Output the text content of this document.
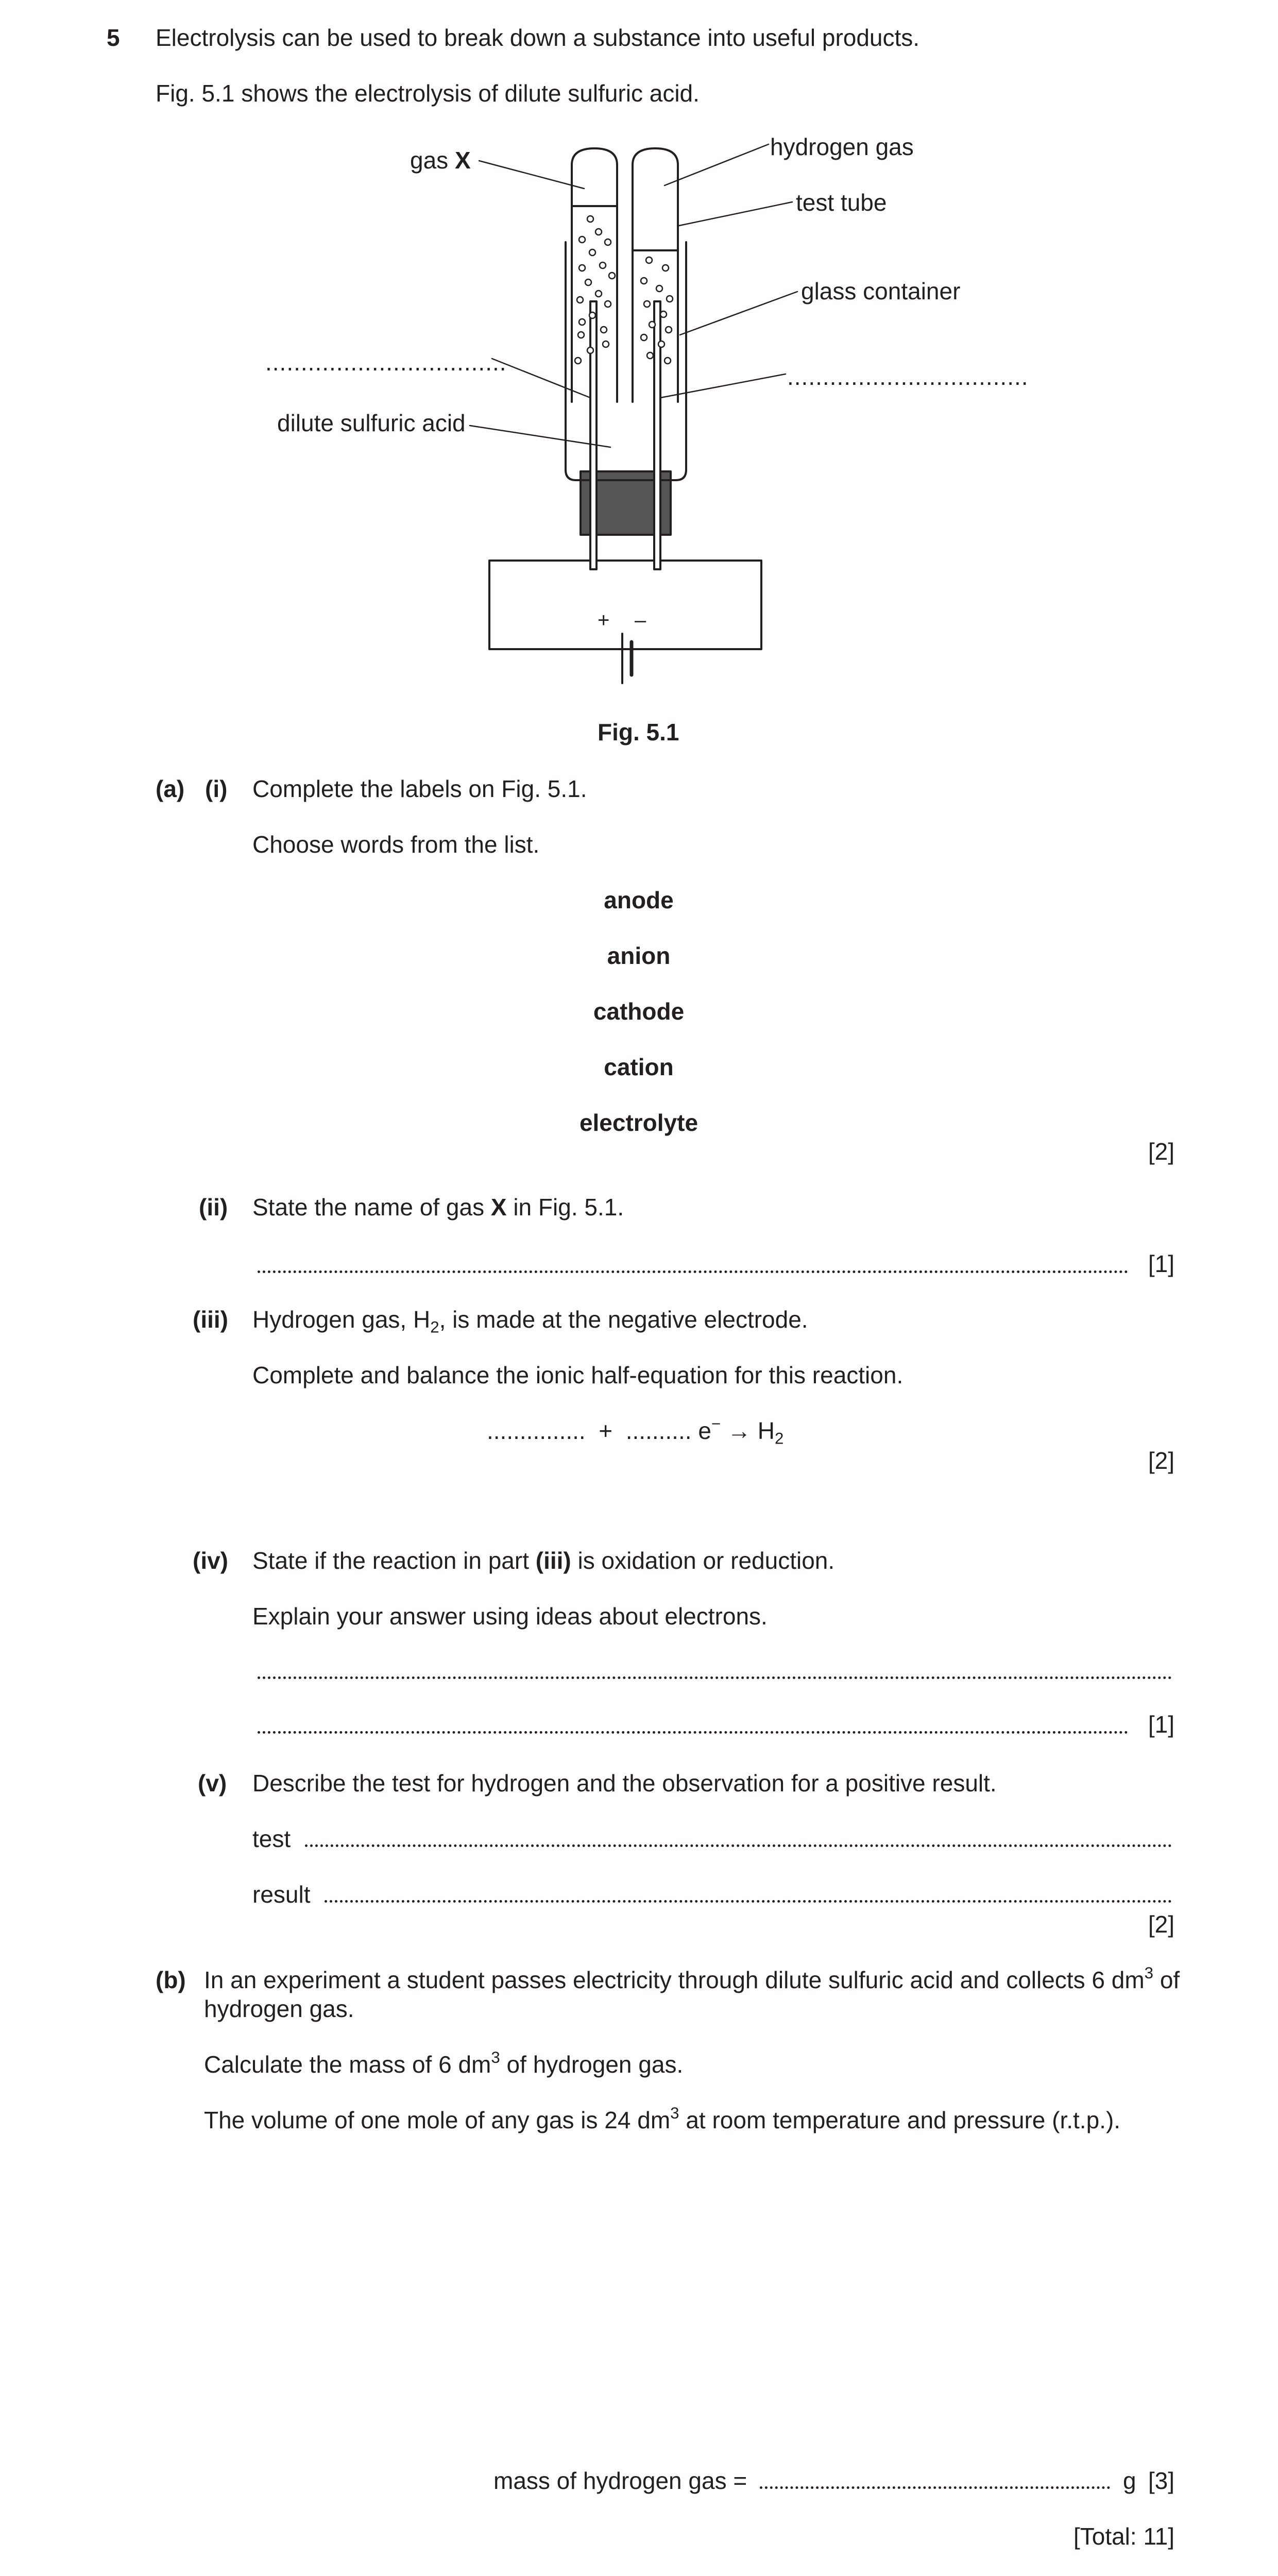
5 Electrolysis can be used to break down a substance into useful products.
Fig. 5.1 shows the electrolysis of dilute sulfuric acid.
gas X	hydrogen gas
test tube
glass container
..................................
..................................
dilute sulfuric acid
+ –
Fig. 5.1
(a) (i) Complete the labels on Fig. 5.1.
Choose words from the list.
anode
anion
cathode
cation
electrolyte
[2]
(ii) State the name of gas X in Fig. 5.1.
[1]
(iii) Hydrogen gas, $H_2$, is made at the negative electrode.
Complete and balance the ionic half-equation for this reaction.
............... + .......... $e^- \to H_2$
[2]
(iv) State if the reaction in part (iii) is oxidation or reduction.
Explain your answer using ideas about electrons.
[1]
(v) Describe the test for hydrogen and the observation for a positive result.
test
result
[2]
(b) In an experiment a student passes electricity through dilute sulfuric acid and collects 6 $dm^3$ of
hydrogen gas.
Calculate the mass of 6 $dm^3$ of hydrogen gas.
The volume of one mole of any gas is 24 $dm^3$ at room temperature and pressure (r.t.p.).
mass of hydrogen gas =	g [3]
[Total: 11]
